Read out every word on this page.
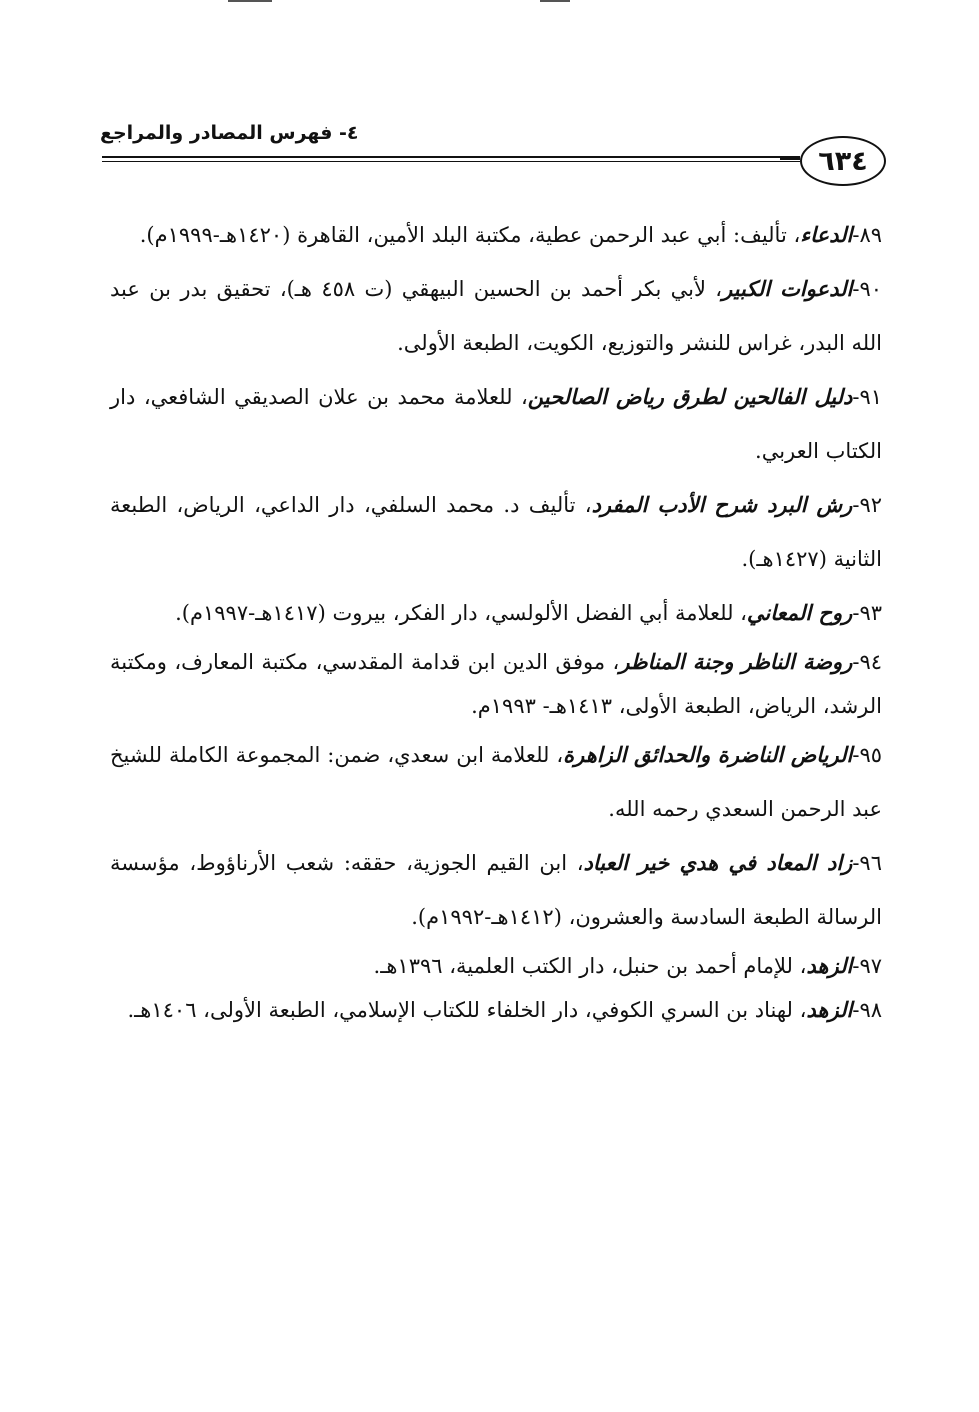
٤- فهرس المصادر والمراجع
٦٣٤
٨٩-الدعاء، تأليف: أبي عبد الرحمن عطية، مكتبة البلد الأمين، القاهرة (١٤٢٠هـ-١٩٩٩م).
٩٠-الدعوات الكبير، لأبي بكر أحمد بن الحسين البيهقي (ت ٤٥٨ هـ)، تحقيق بدر بن عبد الله البدر، غراس للنشر والتوزيع، الكويت، الطبعة الأولى.
٩١-دليل الفالحين لطرق رياض الصالحين، للعلامة محمد بن علان الصديقي الشافعي، دار الكتاب العربي.
٩٢-رش البرد شرح الأدب المفرد، تأليف د. محمد السلفي، دار الداعي، الرياض، الطبعة الثانية (١٤٢٧هـ).
٩٣-روح المعاني، للعلامة أبي الفضل الألولسي، دار الفكر، بيروت (١٤١٧هـ-١٩٩٧م).
٩٤-روضة الناظر وجنة المناظر، موفق الدين ابن قدامة المقدسي، مكتبة المعارف، ومكتبة الرشد، الرياض، الطبعة الأولى، ١٤١٣هـ- ١٩٩٣م.
٩٥-الرياض الناضرة والحدائق الزاهرة، للعلامة ابن سعدي، ضمن: المجموعة الكاملة للشيخ عبد الرحمن السعدي رحمه الله.
٩٦-زاد المعاد في هدي خير العباد، ابن القيم الجوزية، حققه: شعب الأرناؤوط، مؤسسة الرسالة الطبعة السادسة والعشرون، (١٤١٢هـ-١٩٩٢م).
٩٧-الزهد، للإمام أحمد بن حنبل، دار الكتب العلمية، ١٣٩٦هـ.
٩٨-الزهد، لهناد بن السري الكوفي، دار الخلفاء للكتاب الإسلامي، الطبعة الأولى، ١٤٠٦هـ.
